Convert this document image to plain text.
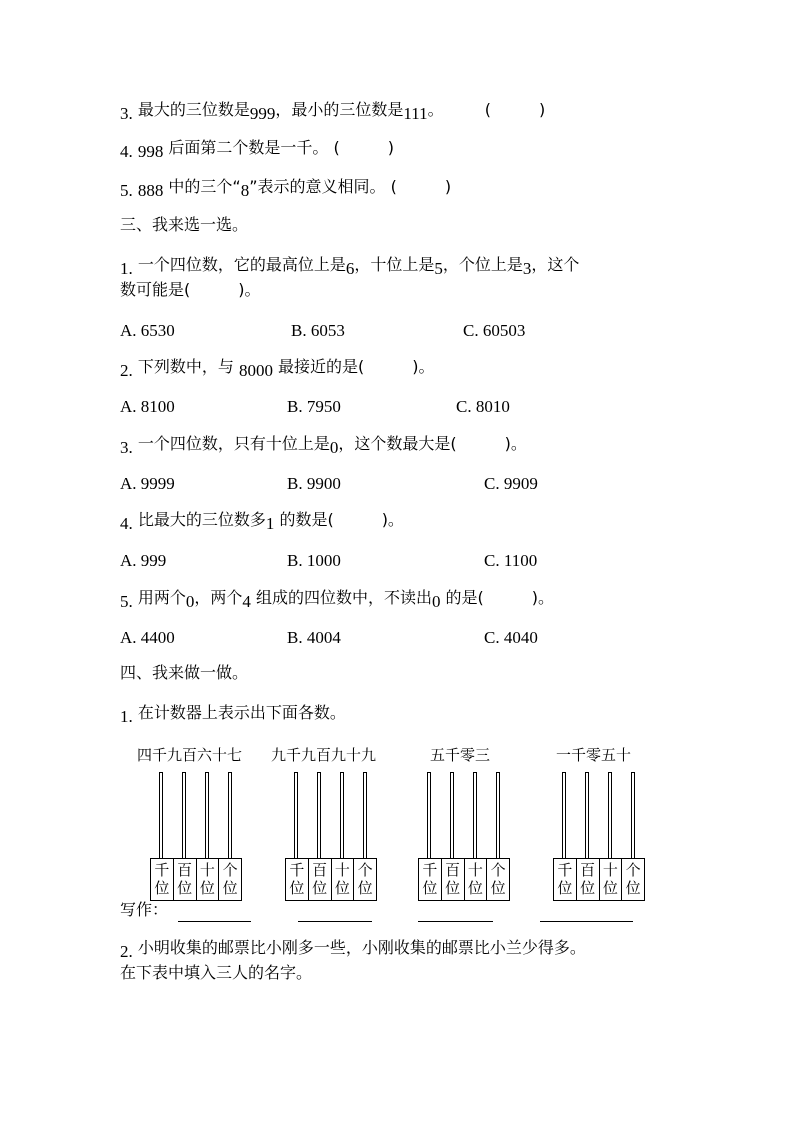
3. 最大的三位数是999，最小的三位数是111。	(　　　)
4. 998 后面第二个数是一千。 (　　　)
5. 888 中的三个“8”表示的意义相同。 (　　　)
三、我来选一选。
1. 一个四位数，它的最高位上是6，十位上是5，个位上是3，这个
数可能是(　　　)。
A. 6530	B. 6053	C. 60503
2. 下列数中，与 8000 最接近的是(　　　)。
A. 8100	B. 7950	C. 8010
3. 一个四位数，只有十位上是0，这个数最大是(　　　)。
A. 9999	B. 9900	C. 9909
4. 比最大的三位数多1 的数是(　　　)。
A. 999	B. 1000	C. 1100
5. 用两个0，两个4 组成的四位数中，不读出0 的是(　　　)。
A. 4400	B. 4004	C. 4040
四、我来做一做。
1. 在计数器上表示出下面各数。
四千九百六十七 九千九百九十九	五千零三	一千零五十
千
位
百
位
十
位
个
位
千
位
百
位
十
位
个
位
千
位
百
位
十
位
个
位
千
位
百
位
十
位
个
位
写作：
2. 小明收集的邮票比小刚多一些，小刚收集的邮票比小兰少得多。
在下表中填入三人的名字。
